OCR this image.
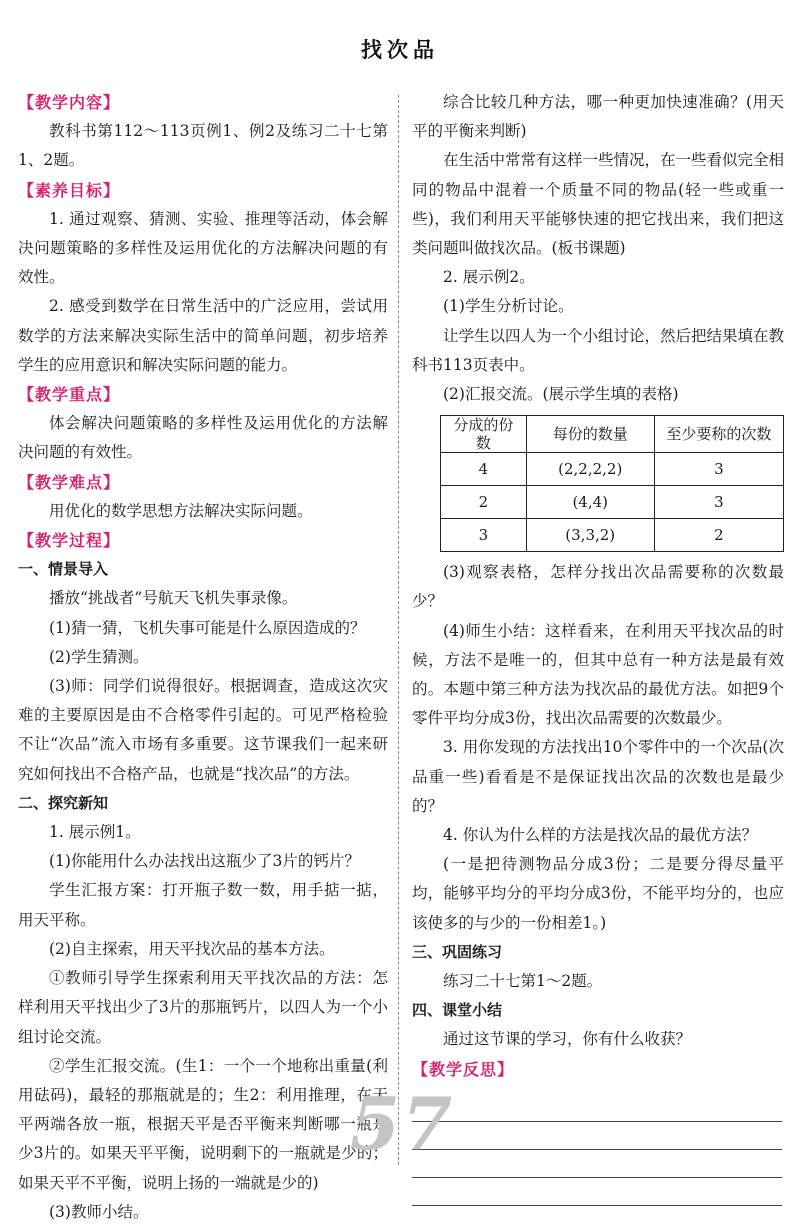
找次品

【教学内容】

教科书第112～113页例1、例2及练习二十七第1、2题。

【素养目标】

1. 通过观察、猜测、实验、推理等活动，体会解决问题策略的多样性及运用优化的方法解决问题的有效性。

2. 感受到数学在日常生活中的广泛应用，尝试用数学的方法来解决实际生活中的简单问题，初步培养学生的应用意识和解决实际问题的能力。

【教学重点】

体会解决问题策略的多样性及运用优化的方法解决问题的有效性。

【教学难点】

用优化的数学思想方法解决实际问题。

【教学过程】

一、情景导入

播放“挑战者”号航天飞机失事录像。

(1)猜一猜，飞机失事可能是什么原因造成的？

(2)学生猜测。

(3)师：同学们说得很好。根据调查，造成这次灾难的主要原因是由不合格零件引起的。可见严格检验不让“次品”流入市场有多重要。这节课我们一起来研究如何找出不合格产品，也就是“找次品”的方法。

二、探究新知

1. 展示例1。

(1)你能用什么办法找出这瓶少了3片的钙片？

学生汇报方案：打开瓶子数一数，用手掂一掂，用天平称。

(2)自主探索，用天平找次品的基本方法。

①教师引导学生探索利用天平找次品的方法：怎样利用天平找出少了3片的那瓶钙片，以四人为一个小组讨论交流。

②学生汇报交流。(生1：一个一个地称出重量(利用砝码)，最轻的那瓶就是的；生2：利用推理，在天平两端各放一瓶，根据天平是否平衡来判断哪一瓶是少3片的。如果天平平衡，说明剩下的一瓶就是少的；如果天平不平衡，说明上扬的一端就是少的)

(3)教师小结。

综合比较几种方法，哪一种更加快速准确？(用天平的平衡来判断)

在生活中常常有这样一些情况，在一些看似完全相同的物品中混着一个质量不同的物品(轻一些或重一些)，我们利用天平能够快速的把它找出来，我们把这类问题叫做找次品。(板书课题)

2. 展示例2。

(1)学生分析讨论。

让学生以四人为一个小组讨论，然后把结果填在教科书113页表中。

(2)汇报交流。(展示学生填的表格)

分成的份数	每份的数量	至少要称的次数
4	(2,2,2,2)	3
2	(4,4)	3
3	(3,3,2)	2

(3)观察表格，怎样分找出次品需要称的次数最少？

(4)师生小结：这样看来，在利用天平找次品的时候，方法不是唯一的，但其中总有一种方法是最有效的。本题中第三种方法为找次品的最优方法。如把9个零件平均分成3份，找出次品需要的次数最少。

3. 用你发现的方法找出10个零件中的一个次品(次品重一些)看看是不是保证找出次品的次数也是最少的？

4. 你认为什么样的方法是找次品的最优方法？

(一是把待测物品分成3份；二是要分得尽量平均，能够平均分的平均分成3份，不能平均分的，也应该使多的与少的一份相差1。)

三、巩固练习

练习二十七第1～2题。

四、课堂小结

通过这节课的学习，你有什么收获？

【教学反思】

57
